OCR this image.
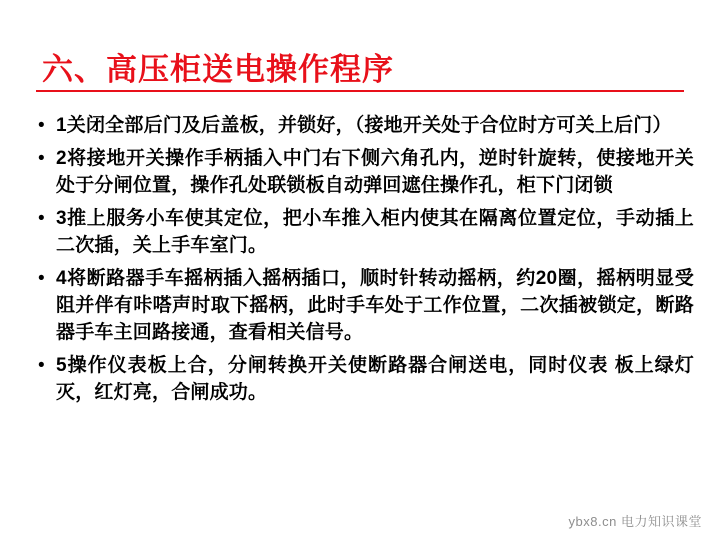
六、高压柜送电操作程序
• 1关闭全部后门及后盖板，并锁好，（接地开关处于合位时方可关上后门）
• 2将接地开关操作手柄插入中门右下侧六角孔内，逆时针旋转，使接地开关处于分闸位置，操作孔处联锁板自动弹回遮住操作孔，柜下门闭锁
• 3推上服务小车使其定位，把小车推入柜内使其在隔离位置定位，手动插上二次插，关上手车室门。
• 4将断路器手车摇柄插入摇柄插口，顺时针转动摇柄，约20圈，摇柄明显受阻并伴有咔嗒声时取下摇柄，此时手车处于工作位置，二次插被锁定，断路器手车主回路接通，查看相关信号。
• 5操作仪表板上合，分闸转换开关使断路器合闸送电，同时仪表 板上绿灯灭，红灯亮，合闸成功。
ybx8.cn 电力知识课堂
